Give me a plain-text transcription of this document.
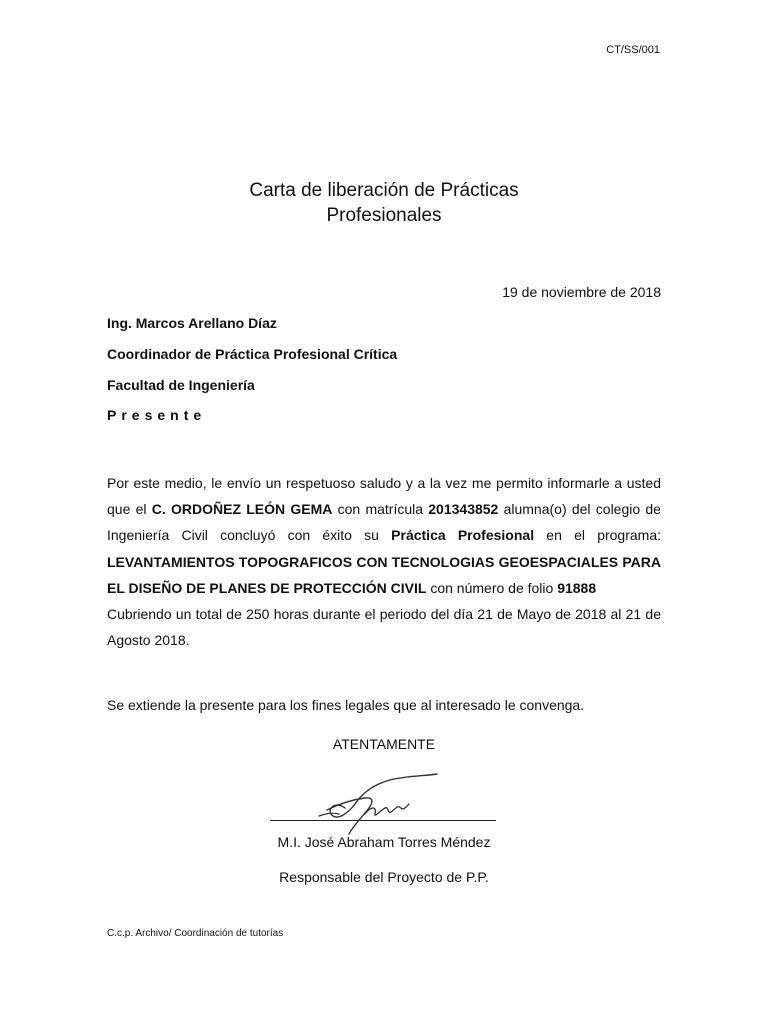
CT/SS/001
Carta de liberación de Prácticas
Profesionales
19 de noviembre de 2018
Ing. Marcos Arellano Díaz
Coordinador de Práctica Profesional Crítica
Facultad de Ingeniería
Presente

Por este medio, le envío un respetuoso saludo y a la vez me permito informarle a usted que el C. ORDOÑEZ LEÓN GEMA con matrícula 201343852 alumna(o) del colegio de Ingeniería Civil concluyó con éxito su Práctica Profesional en el programa: LEVANTAMIENTOS TOPOGRAFICOS CON TECNOLOGIAS GEOESPACIALES PARA EL DISEÑO DE PLANES DE PROTECCIÓN CIVIL con número de folio 91888

Cubriendo un total de 250 horas durante el periodo del día 21 de Mayo de 2018 al 21 de Agosto 2018.

Se extiende la presente para los fines legales que al interesado le convenga.
ATENTAMENTE
M.I. José Abraham Torres Méndez
Responsable del Proyecto de P.P.
C.c.p. Archivo/ Coordinación de tutorías
